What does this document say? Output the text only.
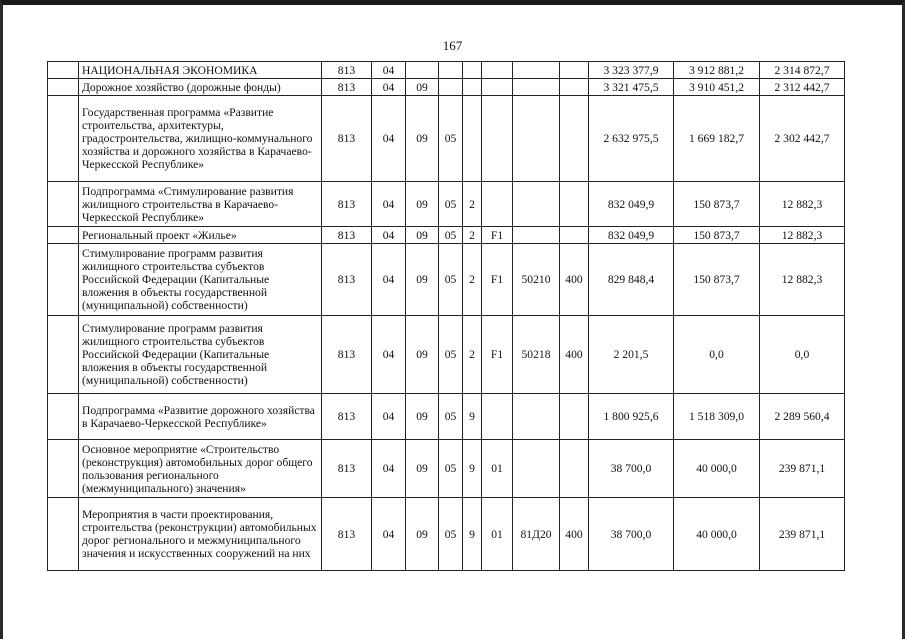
167
	НАЦИОНАЛЬНАЯ ЭКОНОМИКА	813	04							3 323 377,9	3 912 881,2	2 314 872,7
	Дорожное хозяйство (дорожные фонды)	813	04	09						3 321 475,5	3 910 451,2	2 312 442,7
	Государственная программа «Развитие строительства, архитектуры, градостроительства, жилищно-коммунального хозяйства и дорожного хозяйства в Карачаево-Черкесской Республике»	813	04	09	05					2 632 975,5	1 669 182,7	2 302 442,7
	Подпрограмма «Стимулирование развития жилищного строительства в Карачаево-Черкесской Республике»	813	04	09	05	2				832 049,9	150 873,7	12 882,3
	Региональный проект «Жилье»	813	04	09	05	2	F1			832 049,9	150 873,7	12 882,3
	Стимулирование программ развития жилищного строительства субъектов Российской Федерации (Капитальные вложения в объекты государственной (муниципальной) собственности)	813	04	09	05	2	F1	50210	400	829 848,4	150 873,7	12 882,3
	Стимулирование программ развития жилищного строительства субъектов Российской Федерации (Капитальные вложения в объекты государственной (муниципальной) собственности)	813	04	09	05	2	F1	50218	400	2 201,5	0,0	0,0
	Подпрограмма «Развитие дорожного хозяйства в Карачаево-Черкесской Республике»	813	04	09	05	9				1 800 925,6	1 518 309,0	2 289 560,4
	Основное мероприятие «Строительство (реконструкция) автомобильных дорог общего пользования регионального (межмуниципального) значения»	813	04	09	05	9	01			38 700,0	40 000,0	239 871,1
	Мероприятия в части проектирования, строительства (реконструкции) автомобильных дорог регионального и межмуниципального значения и искусственных сооружений на них	813	04	09	05	9	01	81Д20	400	38 700,0	40 000,0	239 871,1
